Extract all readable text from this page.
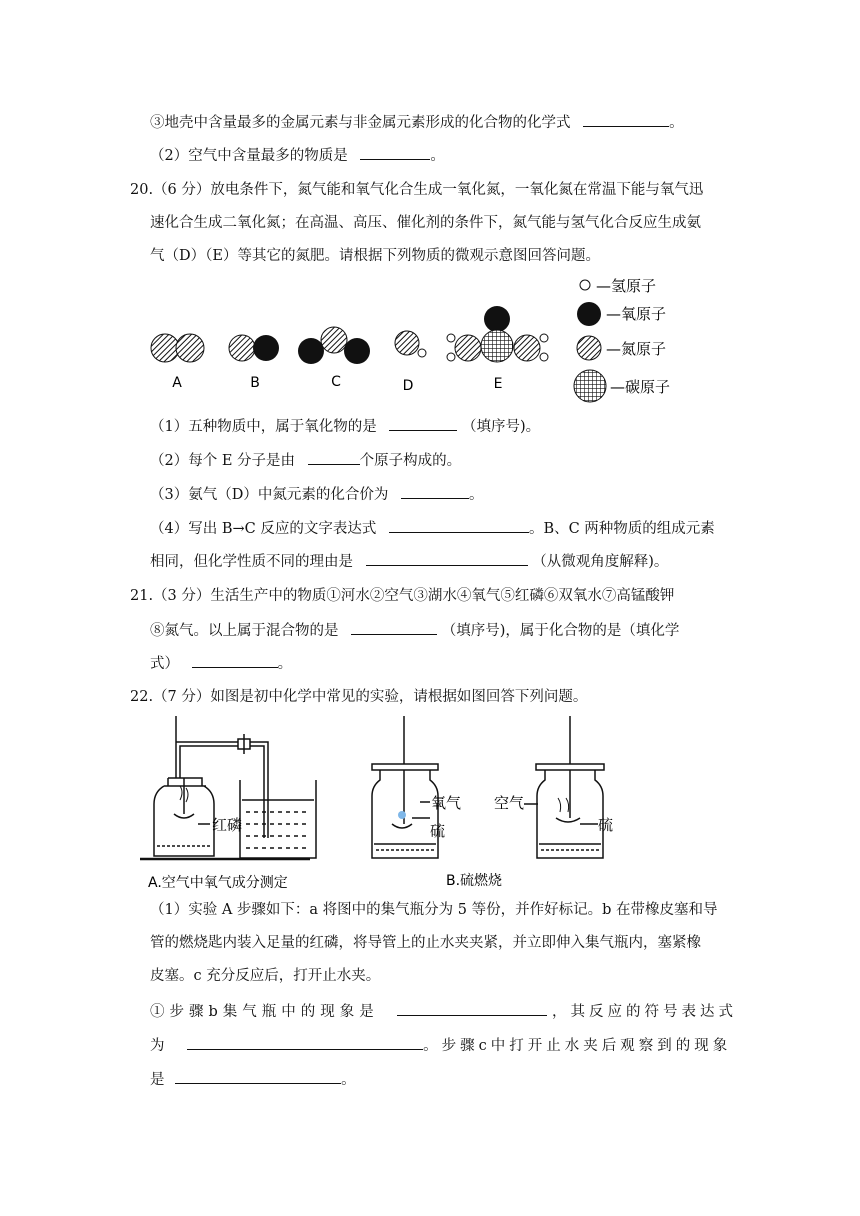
③地壳中含量最多的金属元素与非金属元素形成的化合物的化学式	。
（2）空气中含量最多的物质是	。
20. （6 分）放电条件下，氮气能和氧气化合生成一氧化氮，一氧化氮在常温下能与氧气迅
速化合生成二氧化氮；在高温、高压、催化剂的条件下，氮气能与氢气化合反应生成氨
气（D）（E）等其它的氮肥。请根据下列物质的微观示意图回答问题。
A	B	C	D	E
—氢原子
—氧原子
—氮原子
—碳原子
（1）五种物质中，属于氧化物的是	（填序号)。
（2）每个 E 分子是由	个原子构成的。
（3）氨气（D）中氮元素的化合价为	。
（4）写出 B→C 反应的文字表达式	。B、C 两种物质的组成元素
相同，但化学性质不同的理由是	（从微观角度解释)。
21. （3 分）生活生产中的物质①河水②空气③湖水④氧气⑤红磷⑥双氧水⑦高锰酸钾
⑧氮气。以上属于混合物的是	（填序号)，属于化合物的是（填化学
式）	。
22. （7 分）如图是初中化学中常见的实验，请根据如图回答下列问题。
红磷
A.空气中氧气成分测定
氧气
硫
B.硫燃烧
空气
硫
（1）实验 A 步骤如下：a 将图中的集气瓶分为 5 等份，并作好标记。b 在带橡皮塞和导
管的燃烧匙内装入足量的红磷，将导管上的止水夹夹紧，并立即伸入集气瓶内，塞紧橡
皮塞。c 充分反应后，打开止水夹。
①步骤b集气瓶中的现象是	，其反应的符号表达式
为	。步骤c中打开止水夹后观察到的现象
是	。
